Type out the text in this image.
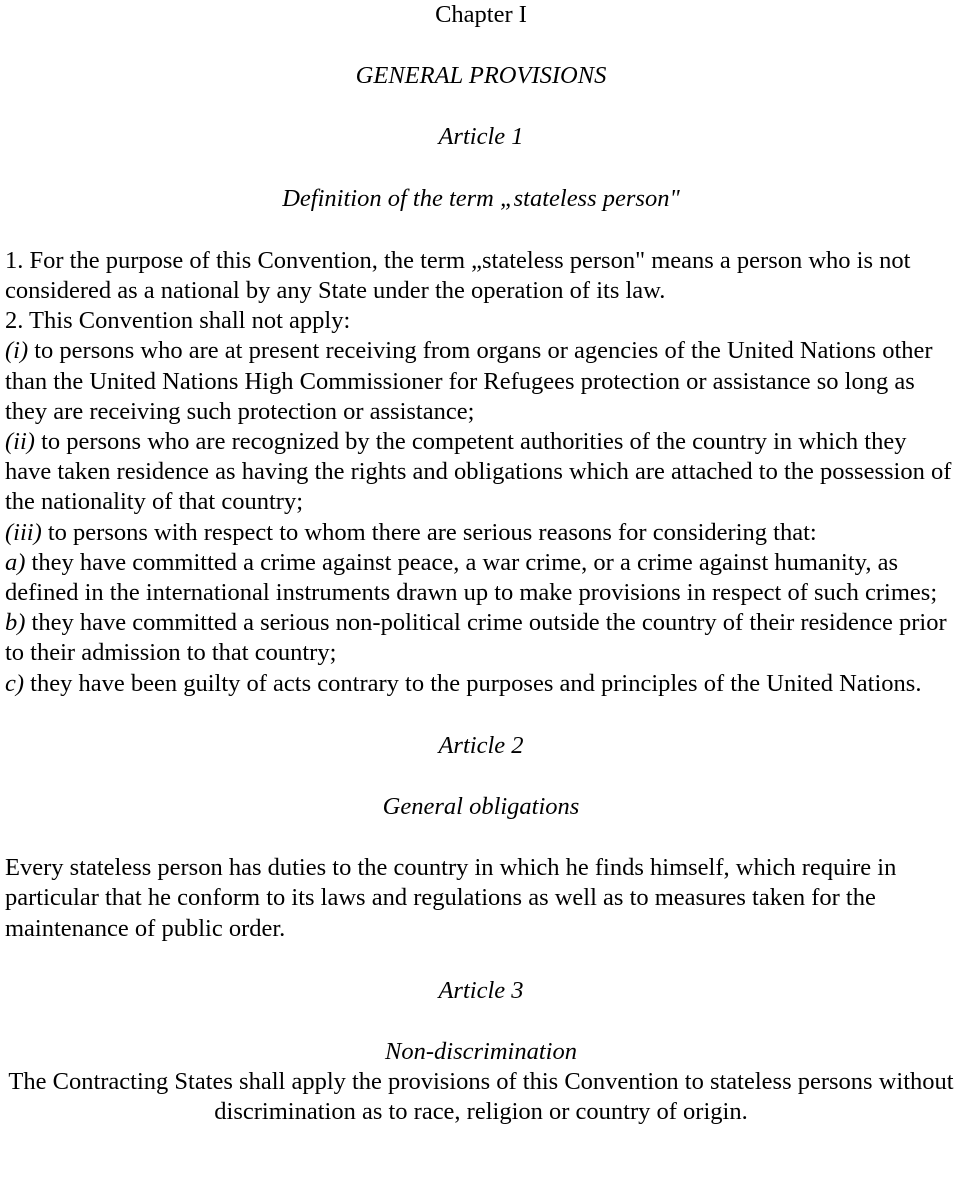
Chapter I

GENERAL PROVISIONS

Article 1

Definition of the term „stateless person"

1. For the purpose of this Convention, the term „stateless person" means a person who is not considered as a national by any State under the operation of its law.

2. This Convention shall not apply:

(i) to persons who are at present receiving from organs or agencies of the United Nations other than the United Nations High Commissioner for Refugees protection or assistance so long as they are receiving such protection or assistance;

(ii) to persons who are recognized by the competent authorities of the country in which they have taken residence as having the rights and obligations which are attached to the possession of the nationality of that country;

(iii) to persons with respect to whom there are serious reasons for considering that:

a) they have committed a crime against peace, a war crime, or a crime against humanity, as defined in the international instruments drawn up to make provisions in respect of such crimes;

b) they have committed a serious non-political crime outside the country of their residence prior to their admission to that country;

c) they have been guilty of acts contrary to the purposes and principles of the United Nations.

Article 2

General obligations

Every stateless person has duties to the country in which he finds himself, which require in particular that he conform to its laws and regulations as well as to measures taken for the maintenance of public order.

Article 3

Non-discrimination

The Contracting States shall apply the provisions of this Convention to stateless persons without discrimination as to race, religion or country of origin.
